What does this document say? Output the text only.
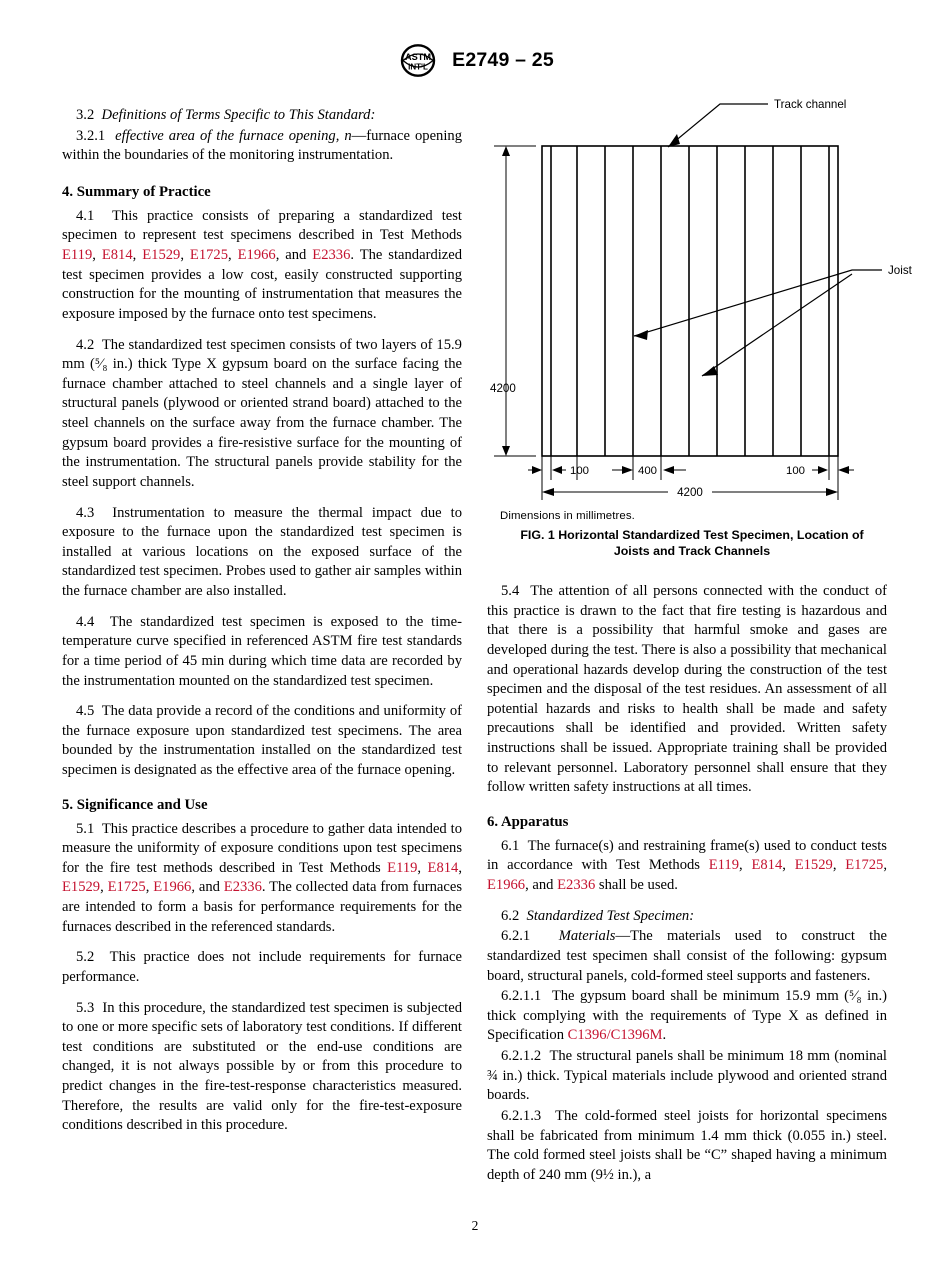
ASTM
INT'L E2749 – 25
Track channel
Joist
4200
100	400	100
4200
Dimensions in millimetres.
FIG. 1 Horizontal Standardized Test Specimen, Location of
Joists and Track Channels

3.2 Definitions of Terms Specific to This Standard:

3.2.1 effective area of the furnace opening, n—furnace opening within the boundaries of the monitoring instrumentation.

4. Summary of Practice

4.1 This practice consists of preparing a standardized test specimen to represent test specimens described in Test Methods E119, E814, E1529, E1725, E1966, and E2336. The standardized test specimen provides a low cost, easily constructed supporting construction for the mounting of instrumentation that measures the exposure imposed by the furnace onto test specimens.

4.2 The standardized test specimen consists of two layers of 15.9 mm (⁵⁄₈ in.) thick Type X gypsum board on the surface facing the furnace chamber attached to steel channels and a single layer of structural panels (plywood or oriented strand board) attached to the steel channels on the surface away from the furnace chamber. The gypsum board provides a fire-resistive surface for the mounting of the instrumentation. The structural panels provide stability for the steel support channels.

4.3 Instrumentation to measure the thermal impact due to exposure to the furnace upon the standardized test specimen is installed at various locations on the exposed surface of the standardized test specimen. Probes used to gather air samples within the furnace chamber are also installed.

4.4 The standardized test specimen is exposed to the time-temperature curve specified in referenced ASTM fire test standards for a time period of 45 min during which time data are recorded by the instrumentation mounted on the standardized test specimen.

4.5 The data provide a record of the conditions and uniformity of the furnace exposure upon standardized test specimens. The area bounded by the instrumentation installed on the standardized test specimen is designated as the effective area of the furnace opening.

5. Significance and Use

5.1 This practice describes a procedure to gather data intended to measure the uniformity of exposure conditions upon test specimens for the fire test methods described in Test Methods E119, E814, E1529, E1725, E1966, and E2336. The collected data from furnaces are intended to form a basis for performance requirements for the furnaces described in the referenced standards.

5.2 This practice does not include requirements for furnace performance.

5.3 In this procedure, the standardized test specimen is subjected to one or more specific sets of laboratory test conditions. If different test conditions are substituted or the end-use conditions are changed, it is not always possible by or from this procedure to predict changes in the fire-test-response characteristics measured. Therefore, the results are valid only for the fire-test-exposure conditions described in this procedure.

5.4 The attention of all persons connected with the conduct of this practice is drawn to the fact that fire testing is hazardous and that there is a possibility that harmful smoke and gases are developed during the test. There is also a possibility that mechanical and operational hazards develop during the construction of the test specimen and the disposal of the test residues. An assessment of all potential hazards and risks to health shall be made and safety precautions shall be identified and provided. Written safety instructions shall be issued. Appropriate training shall be provided to relevant personnel. Laboratory personnel shall ensure that they follow written safety instructions at all times.

6. Apparatus

6.1 The furnace(s) and restraining frame(s) used to conduct tests in accordance with Test Methods E119, E814, E1529, E1725, E1966, and E2336 shall be used.

6.2 Standardized Test Specimen:

6.2.1 Materials—The materials used to construct the standardized test specimen shall consist of the following: gypsum board, structural panels, cold-formed steel supports and fasteners.

6.2.1.1 The gypsum board shall be minimum 15.9 mm (⁵⁄₈ in.) thick complying with the requirements of Type X as defined in Specification C1396/C1396M.

6.2.1.2 The structural panels shall be minimum 18 mm (nominal ¾ in.) thick. Typical materials include plywood and oriented strand boards.

6.2.1.3 The cold-formed steel joists for horizontal specimens shall be fabricated from minimum 1.4 mm thick (0.055 in.) steel. The cold formed steel joists shall be “C” shaped having a minimum depth of 240 mm (9½ in.), a

2
